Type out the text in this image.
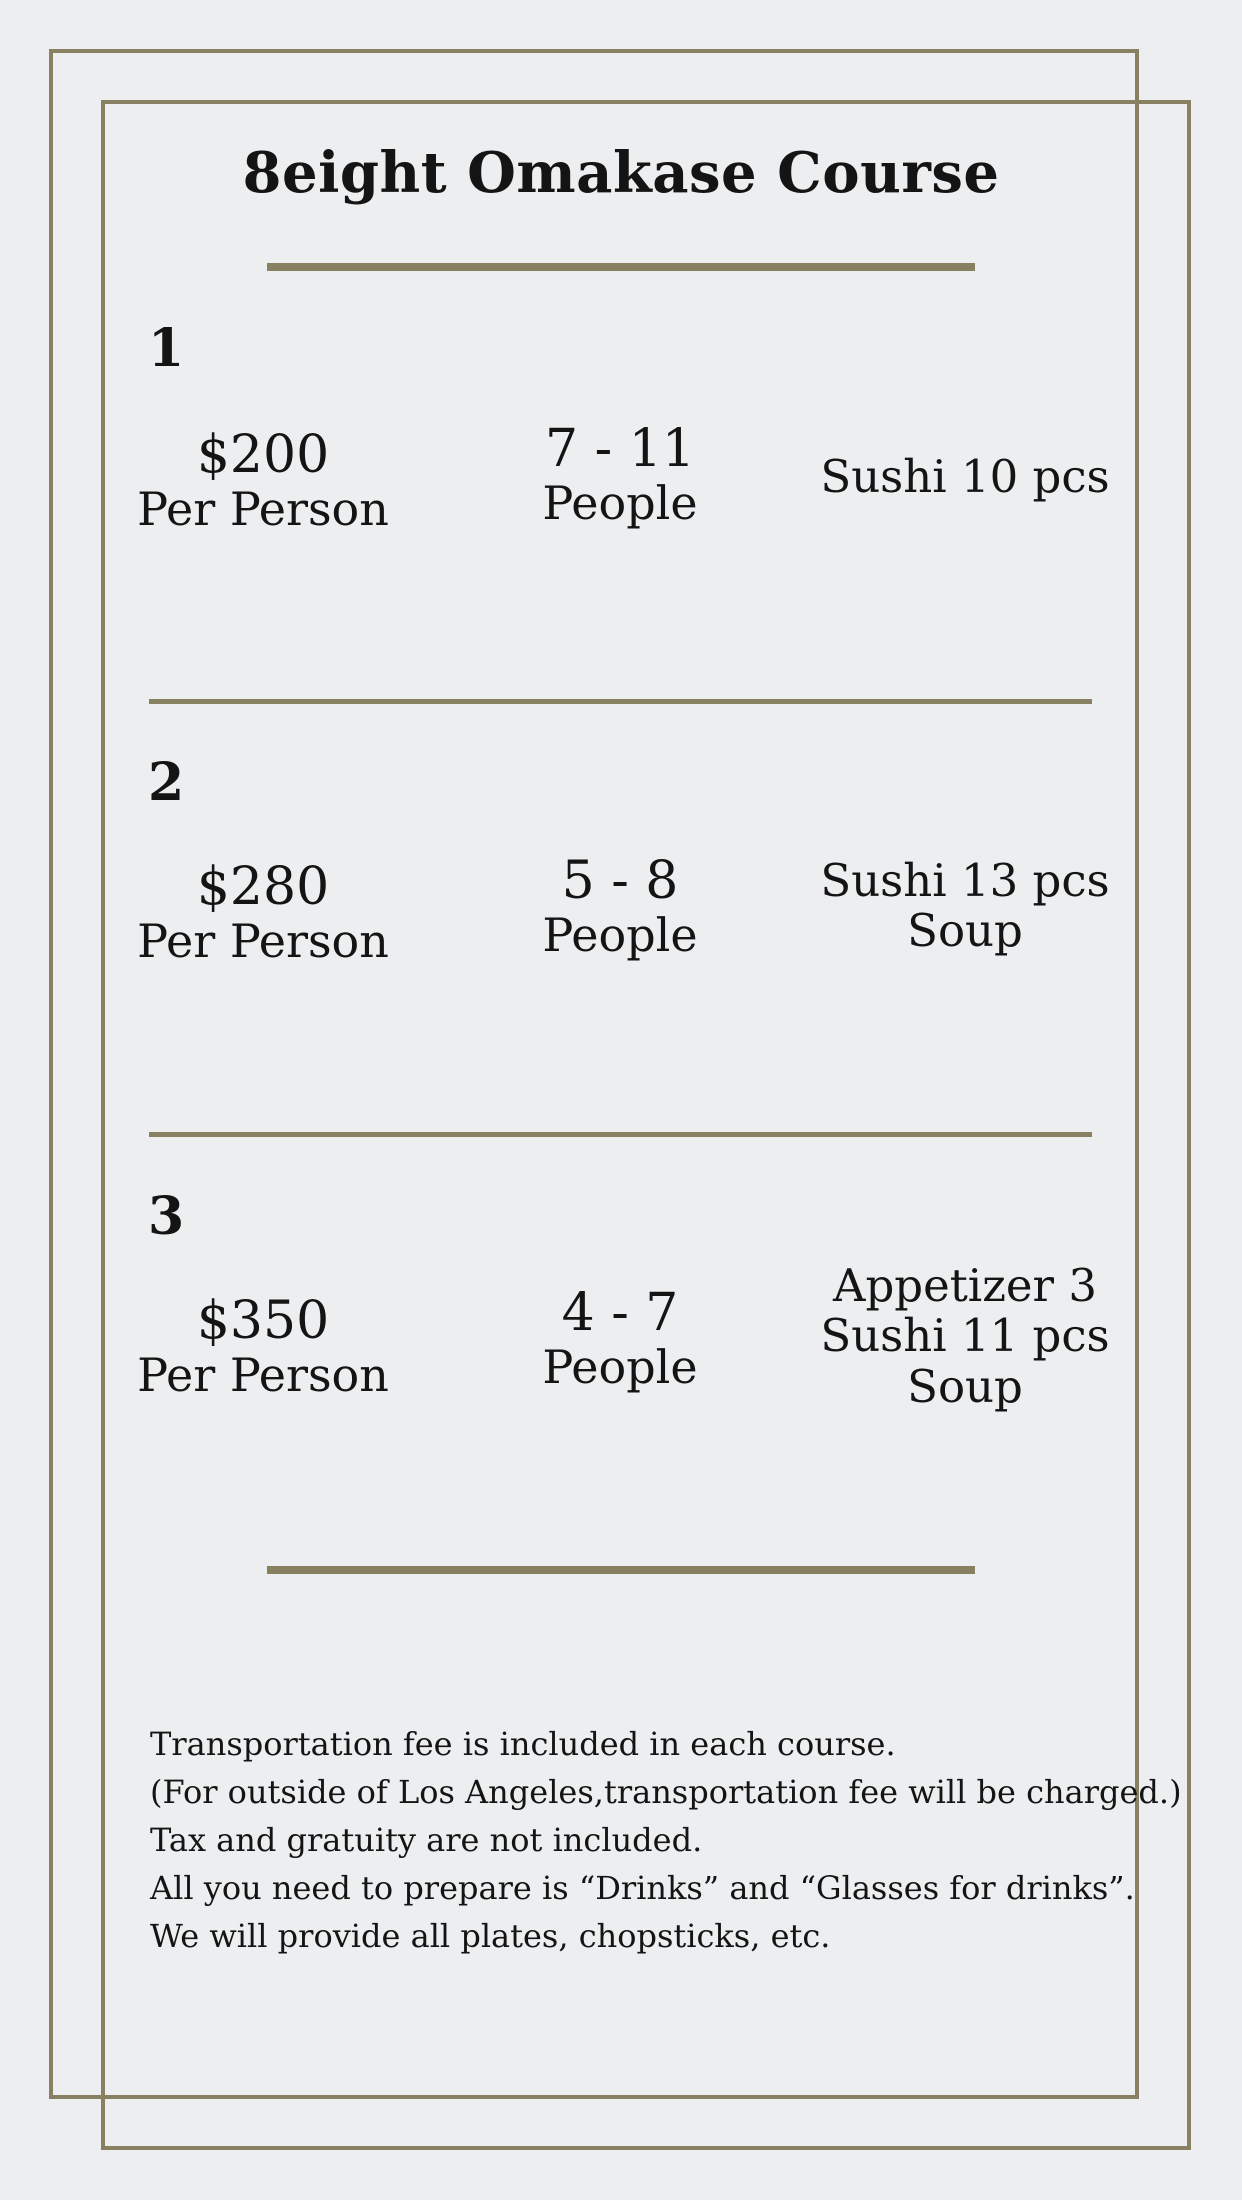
8eight Omakase Course
1
$200
Per Person
7 - 11
People	Sushi 10 pcs
2
$280
Per Person
5 - 8
People
Sushi 13 pcs
Soup
3
$350
Per Person
4 - 7
People
Appetizer 3
Sushi 11 pcs
Soup
Transportation fee is included in each course.
(For outside of Los Angeles,transportation fee will be charged.)
Tax and gratuity are not included.
All you need to prepare is “Drinks” and “Glasses for drinks”.
We will provide all plates, chopsticks, etc.
